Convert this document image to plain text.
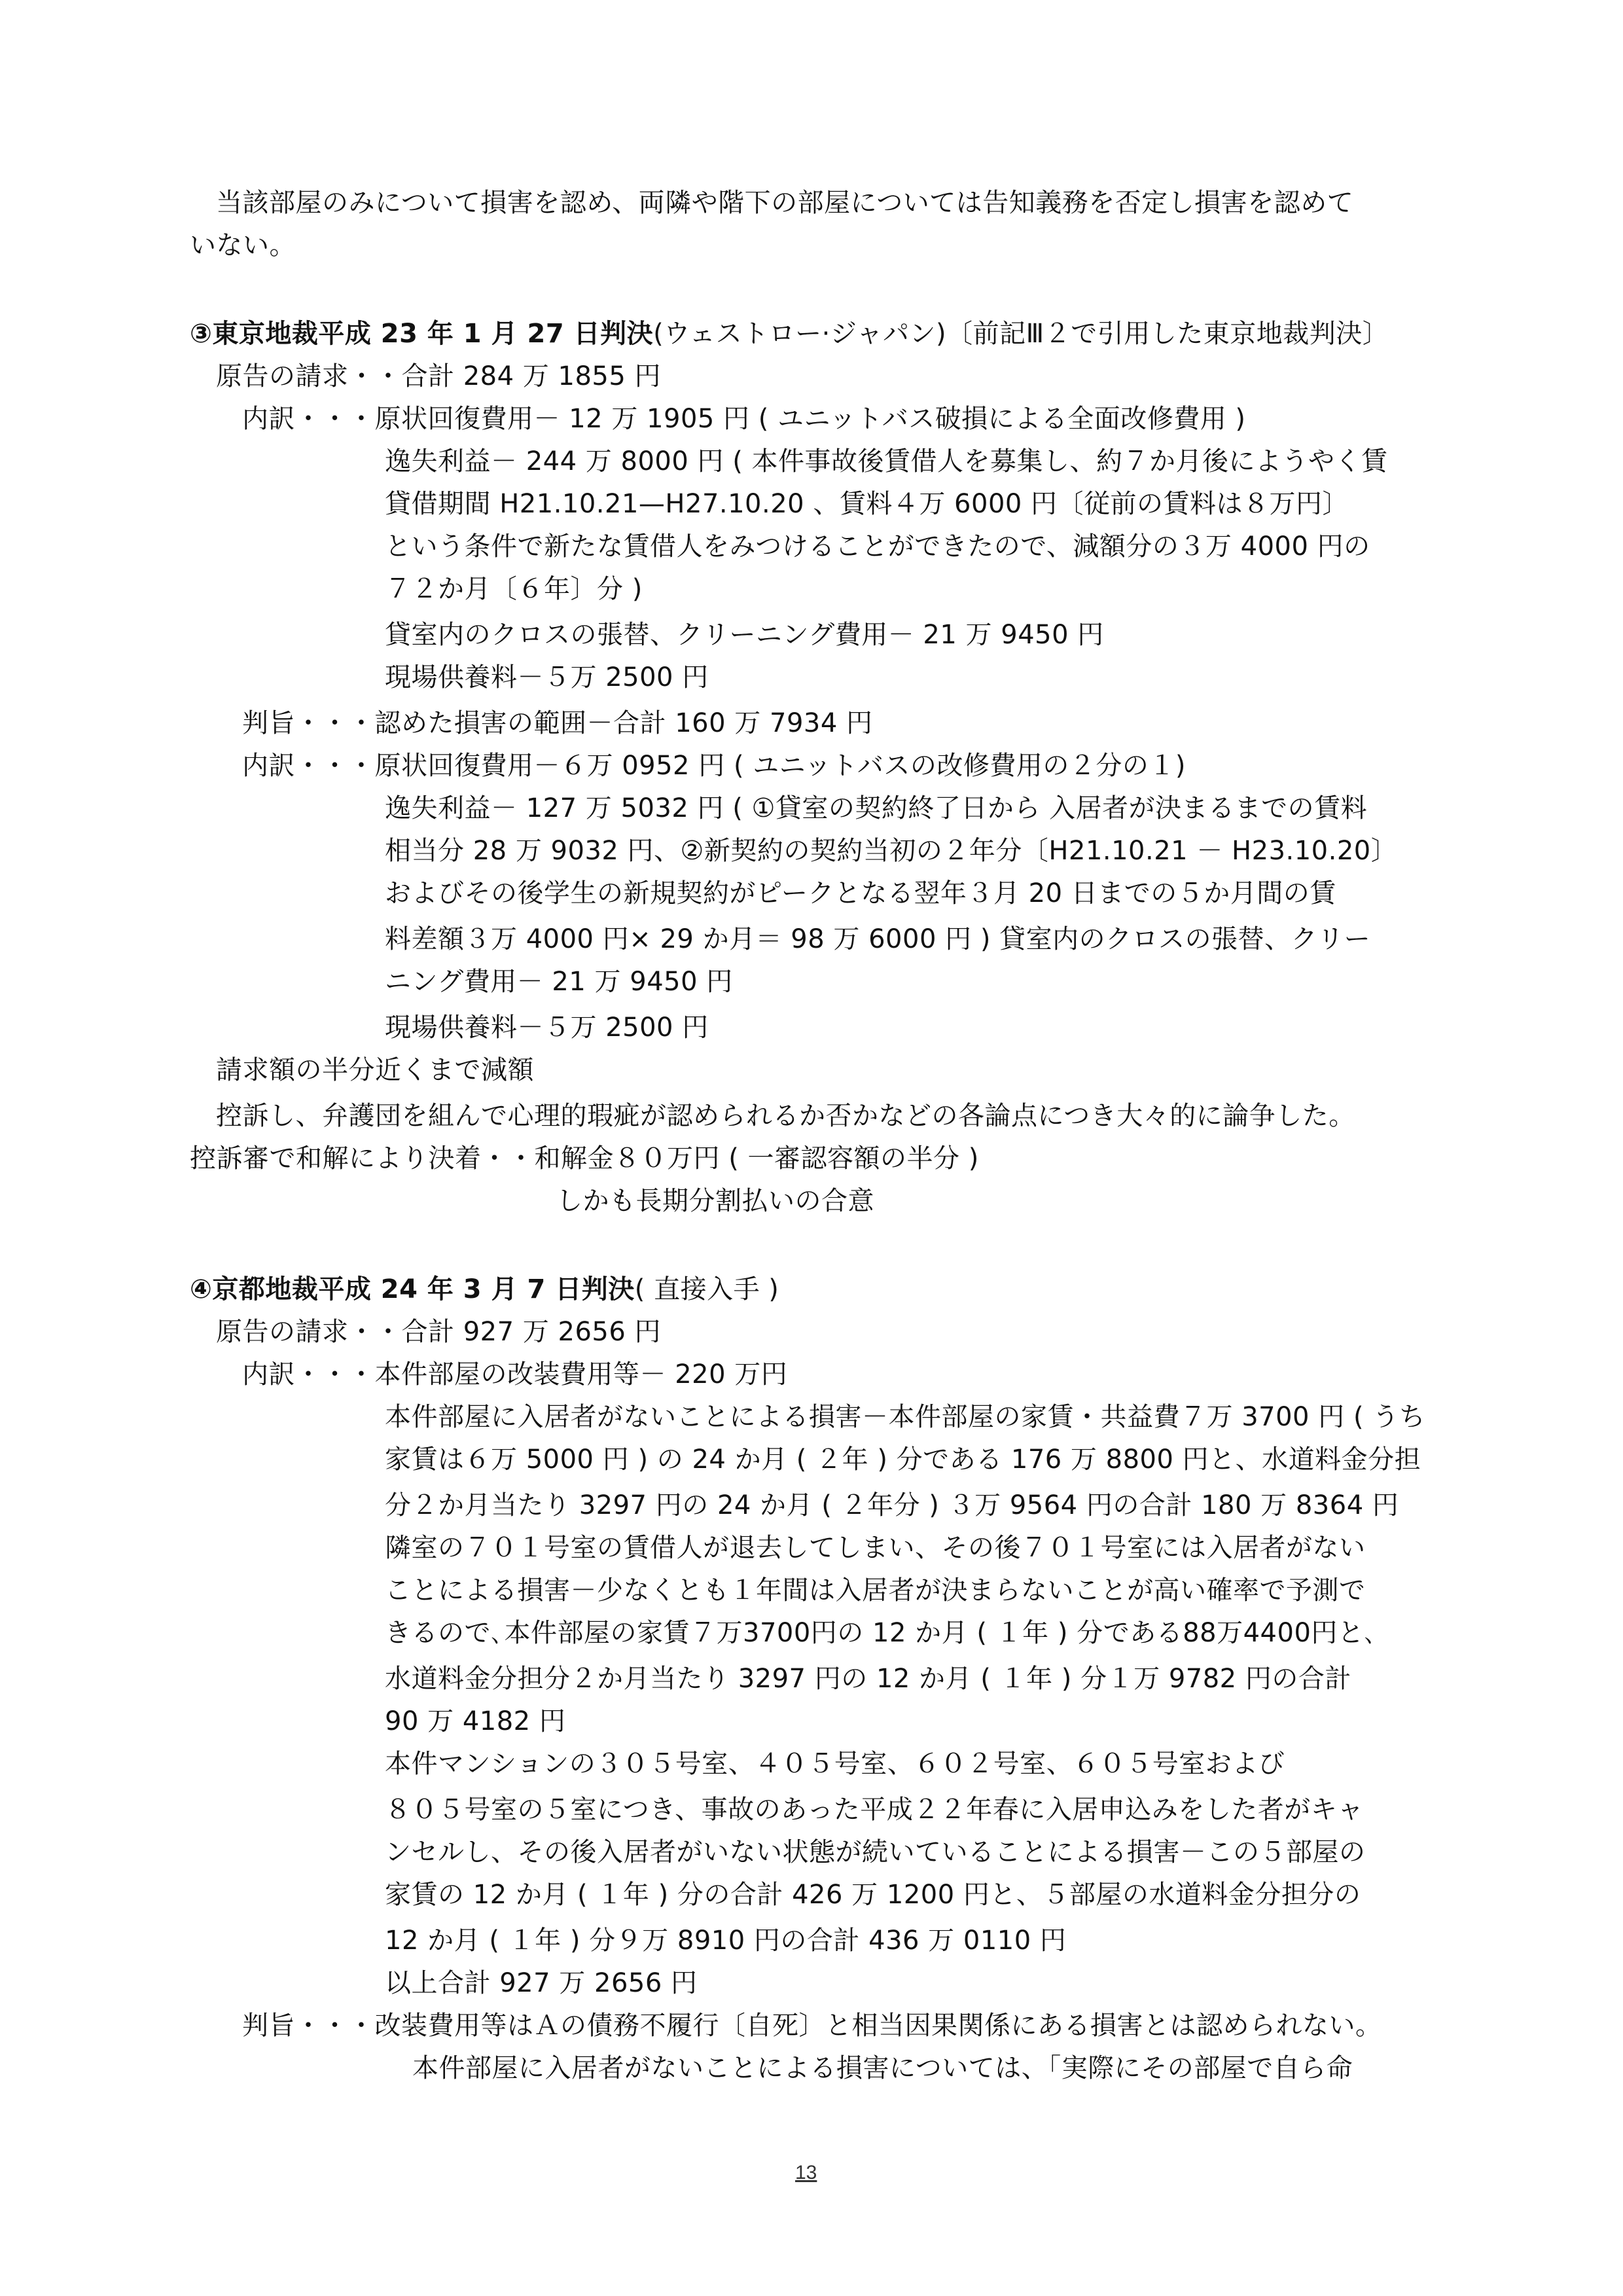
当該部屋のみについて損害を認め、両隣や階下の部屋については告知義務を否定し損害を認めて
いない。
③東京地裁平成 23 年 1 月 27 日判決(ウェストロー·ジャパン)〔前記Ⅲ２で引用した東京地裁判決〕
原告の請求・・合計 284 万 1855 円
内訳・・・原状回復費用－ 12 万 1905 円 ( ユニットバス破損による全面改修費用 )
逸失利益－ 244 万 8000 円 ( 本件事故後賃借人を募集し、約７か月後にようやく賃
貸借期間 H21.10.21—H27.10.20 、賃料４万 6000 円〔従前の賃料は８万円〕
という条件で新たな賃借人をみつけることができたので、減額分の３万 4000 円の
７２か月〔６年〕分 )
貸室内のクロスの張替、クリーニング費用－ 21 万 9450 円
現場供養料－５万 2500 円
判旨・・・認めた損害の範囲－合計 160 万 7934 円
内訳・・・原状回復費用－６万 0952 円 ( ユニットバスの改修費用の２分の１)
逸失利益－ 127 万 5032 円 ( ①貸室の契約終了日から 入居者が決まるまでの賃料
相当分 28 万 9032 円、②新契約の契約当初の２年分〔H21.10.21 － H23.10.20〕
およびその後学生の新規契約がピークとなる翌年３月 20 日までの５か月間の賃
料差額３万 4000 円× 29 か月＝ 98 万 6000 円 ) 貸室内のクロスの張替、クリー
ニング費用－ 21 万 9450 円
現場供養料－５万 2500 円
請求額の半分近くまで減額
控訴し、弁護団を組んで心理的瑕疵が認められるか否かなどの各論点につき大々的に論争した。
控訴審で和解により決着・・和解金８０万円 ( 一審認容額の半分 )
しかも長期分割払いの合意
④京都地裁平成 24 年 3 月 7 日判決( 直接入手 )
原告の請求・・合計 927 万 2656 円
内訳・・・本件部屋の改装費用等－ 220 万円
本件部屋に入居者がないことによる損害－本件部屋の家賃・共益費７万 3700 円 ( うち
家賃は６万 5000 円 ) の 24 か月 ( ２年 ) 分である 176 万 8800 円と、水道料金分担
分２か月当たり 3297 円の 24 か月 ( ２年分 ) ３万 9564 円の合計 180 万 8364 円
隣室の７０１号室の賃借人が退去してしまい、その後７０１号室には入居者がない
ことによる損害－少なくとも１年間は入居者が決まらないことが高い確率で予測で
きるので､本件部屋の家賃７万3700円の 12 か月 ( １年 ) 分である88万4400円と､
水道料金分担分２か月当たり 3297 円の 12 か月 ( １年 ) 分１万 9782 円の合計
90 万 4182 円
本件マンションの３０５号室、４０５号室、６０２号室、６０５号室および
８０５号室の５室につき、事故のあった平成２２年春に入居申込みをした者がキャ
ンセルし、その後入居者がいない状態が続いていることによる損害－この５部屋の
家賃の 12 か月 ( １年 ) 分の合計 426 万 1200 円と、５部屋の水道料金分担分の
12 か月 ( １年 ) 分９万 8910 円の合計 436 万 0110 円
以上合計 927 万 2656 円
判旨・・・改装費用等はＡの債務不履行〔自死〕と相当因果関係にある損害とは認められない。
本件部屋に入居者がないことによる損害については、「実際にその部屋で自ら命
13
